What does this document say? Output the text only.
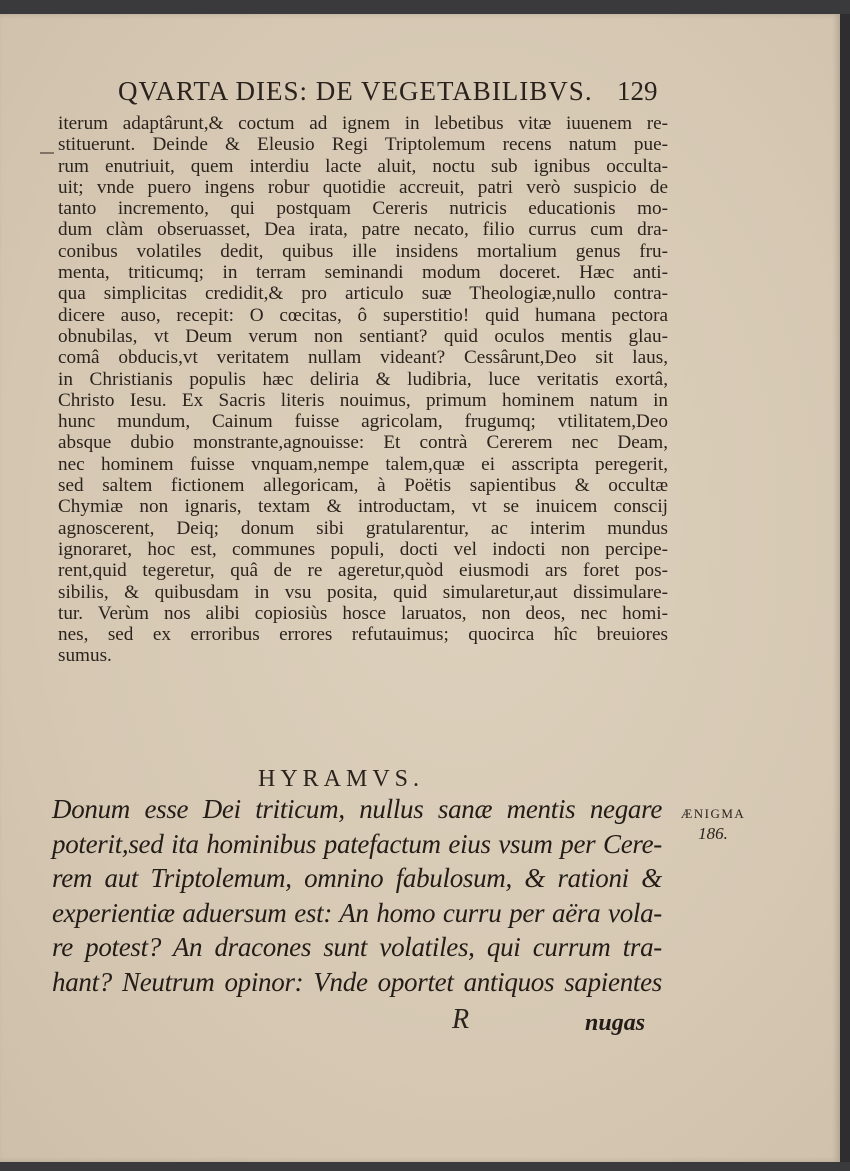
QVARTA DIES: DE VEGETABILIBVS. 129
iterum adaptârunt,& coctum ad ignem in lebetibus vitæ iuuenem re-
stituerunt. Deinde & Eleusio Regi Triptolemum recens natum pue-
rum enutriuit, quem interdiu lacte aluit, noctu sub ignibus occulta-
uit; vnde puero ingens robur quotidie accreuit, patri verò suspicio de
tanto incremento, qui postquam Cereris nutricis educationis mo-
dum clàm obseruasset, Dea irata, patre necato, filio currus cum dra-
conibus volatiles dedit, quibus ille insidens mortalium genus fru-
menta, triticumq; in terram seminandi modum doceret. Hæc anti-
qua simplicitas credidit,& pro articulo suæ Theologiæ,nullo contra-
dicere auso, recepit: O cœcitas, ô superstitio! quid humana pectora
obnubilas, vt Deum verum non sentiant? quid oculos mentis glau-
comâ obducis,vt veritatem nullam videant? Cessârunt,Deo sit laus,
in Christianis populis hæc deliria & ludibria, luce veritatis exortâ,
Christo Iesu. Ex Sacris literis nouimus, primum hominem natum in
hunc mundum, Cainum fuisse agricolam, frugumq; vtilitatem,Deo
absque dubio monstrante,agnouisse: Et contrà Cererem nec Deam,
nec hominem fuisse vnquam,nempe talem,quæ ei asscripta peregerit,
sed saltem fictionem allegoricam, à Poëtis sapientibus & occultæ
Chymiæ non ignaris, textam & introductam, vt se inuicem conscij
agnoscerent, Deiq; donum sibi gratularentur, ac interim mundus
ignoraret, hoc est, communes populi, docti vel indocti non percipe-
rent,quid tegeretur, quâ de re ageretur,quòd eiusmodi ars foret pos-
sibilis, & quibusdam in vsu posita, quid simularetur,aut dissimulare-
tur. Verùm nos alibi copiosiùs hosce laruatos, non deos, nec homi-
nes, sed ex erroribus errores refutauimus; quocirca hîc breuiores
sumus.
HYRAMVS.
Donum esse Dei triticum, nullus sanæ mentis negare
poterit,sed ita hominibus patefactum eius vsum per Cere-
rem aut Triptolemum, omnino fabulosum, & rationi &
experientiæ aduersum est: An homo curru per aëra vola-
re potest? An dracones sunt volatiles, qui currum tra-
hant? Neutrum opinor: Vnde oportet antiquos sapientes
ÆNIGMA
186.
R	nugas
